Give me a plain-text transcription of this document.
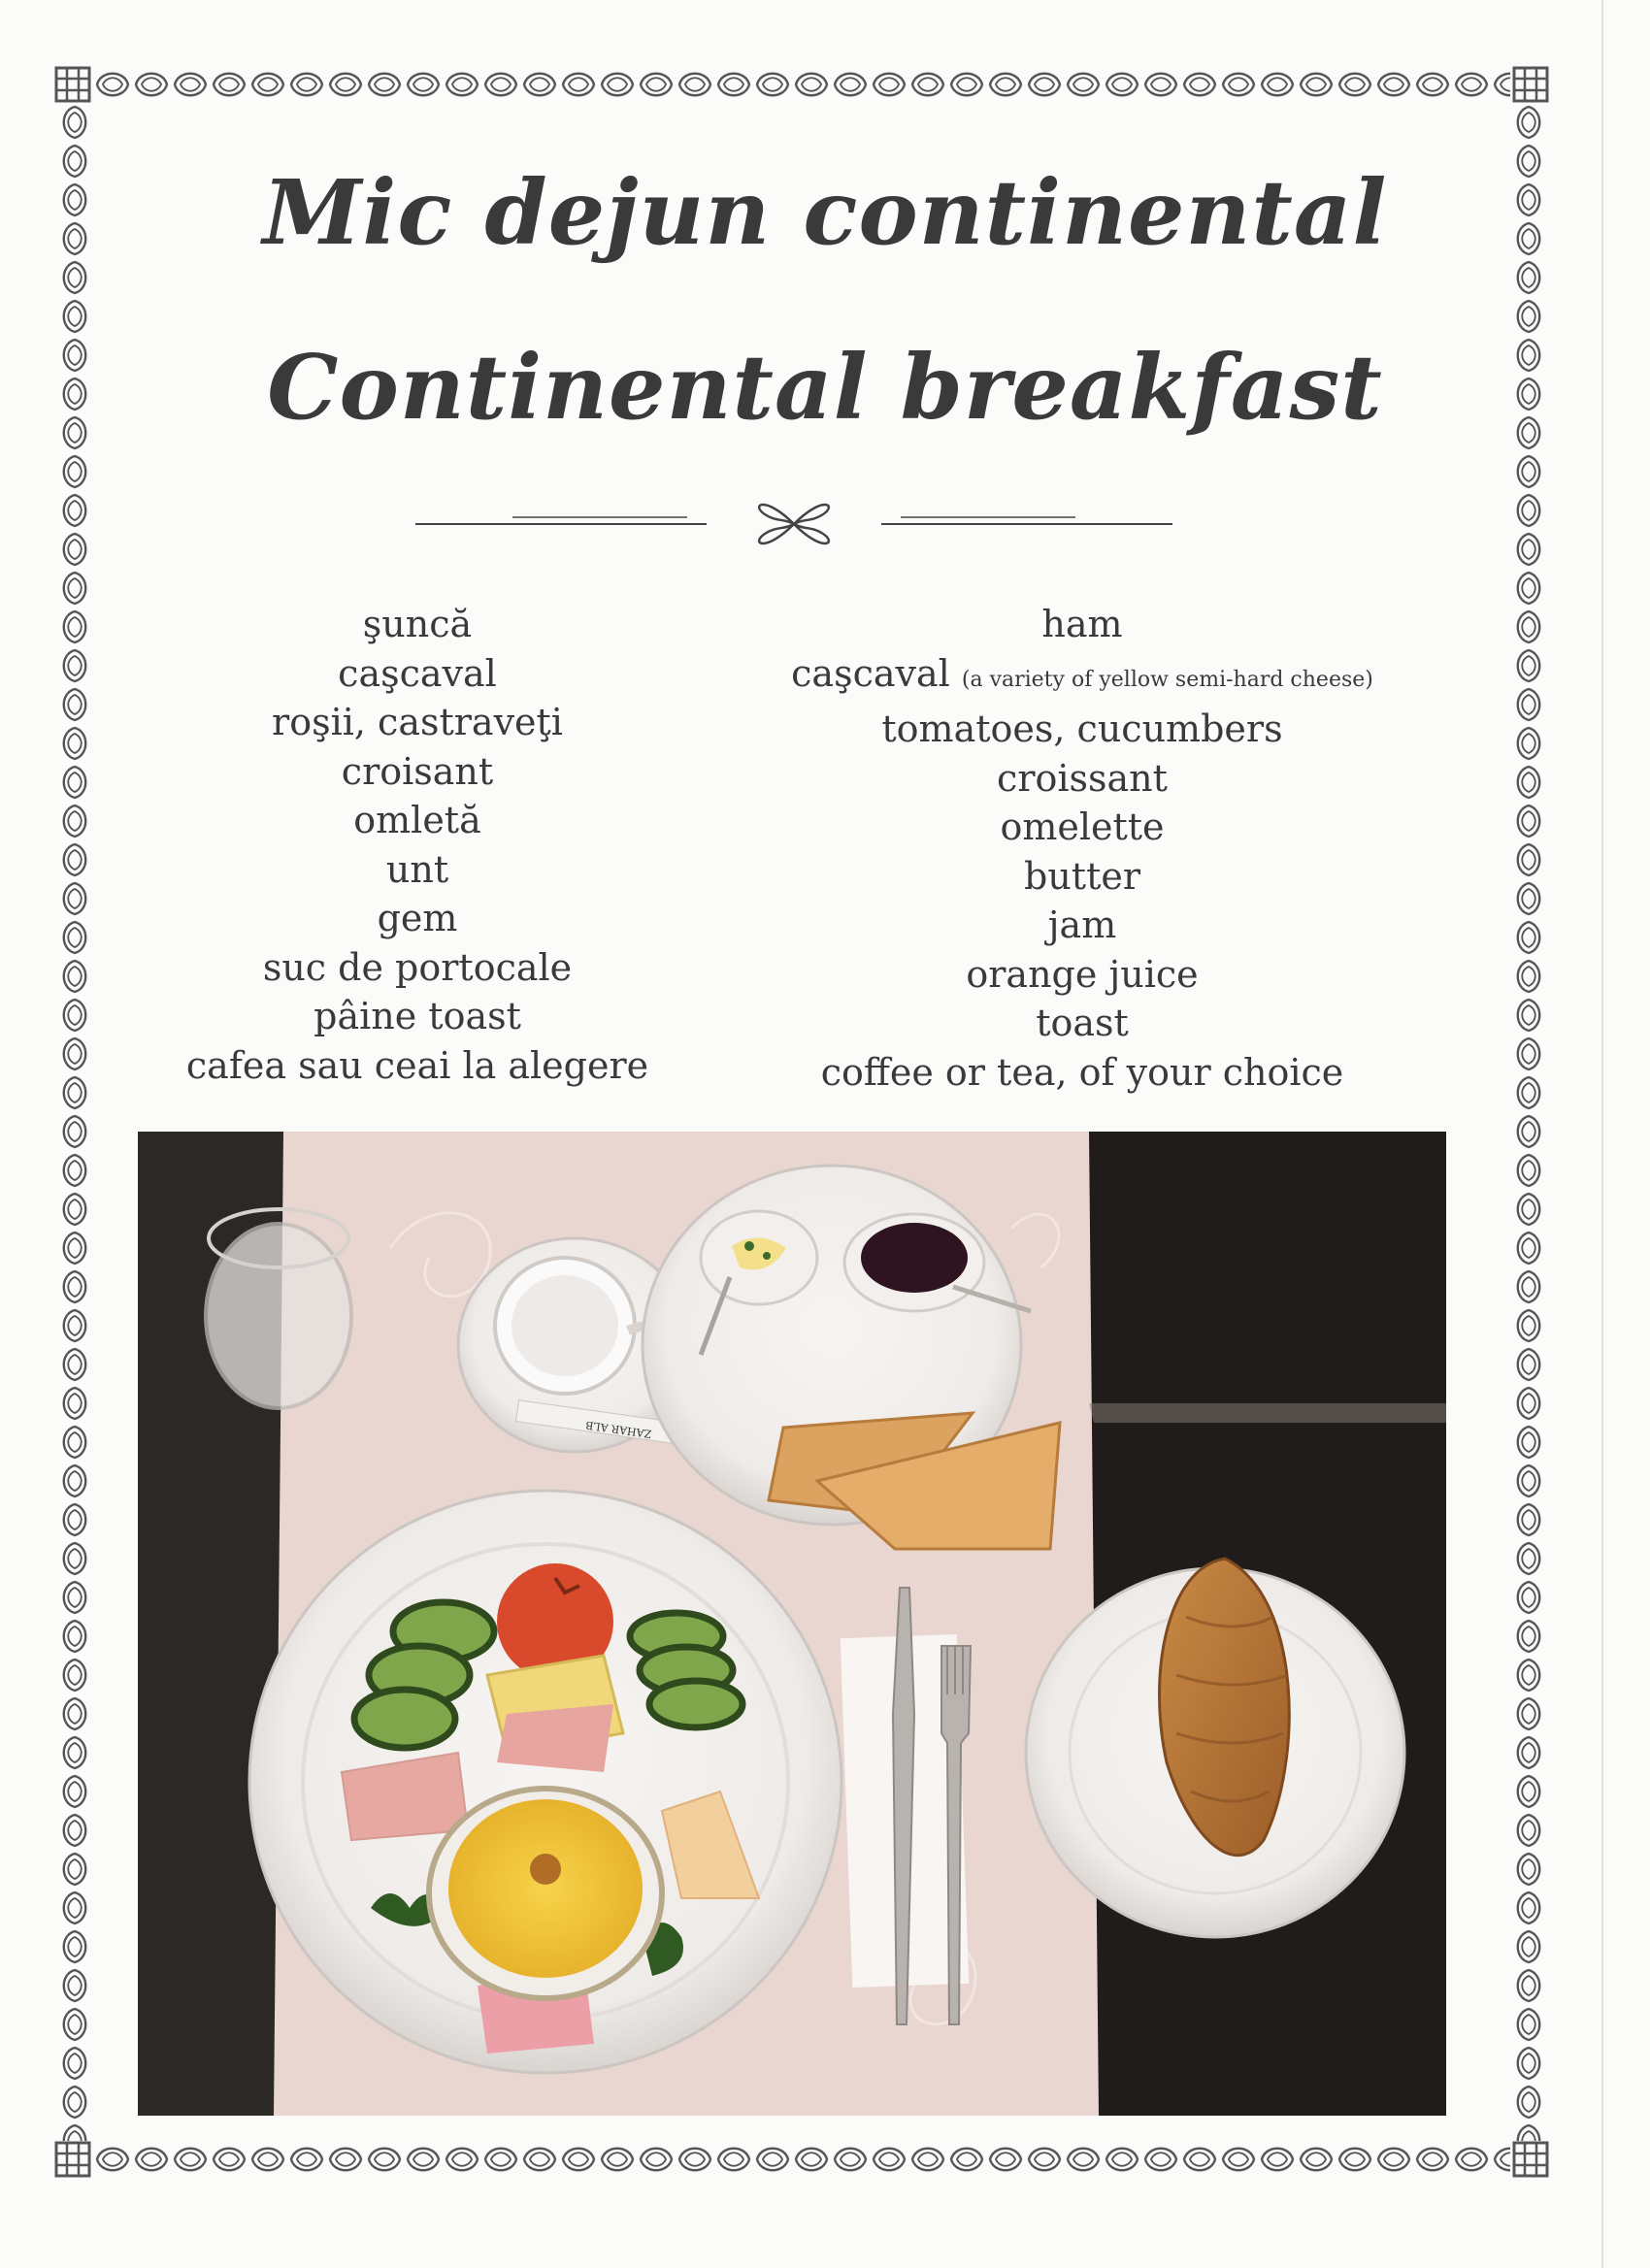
Mic dejun continental
Continental breakfast
şuncă
caşcaval
roşii, castraveţi
croisant
omletă
unt
gem
suc de portocale
pâine toast
cafea sau ceai la alegere
ham
caşcaval (a variety of yellow semi-hard cheese)
tomatoes, cucumbers
croissant
omelette
butter
jam
orange juice
toast
coffee or tea, of your choice
ZAHAR ALB
